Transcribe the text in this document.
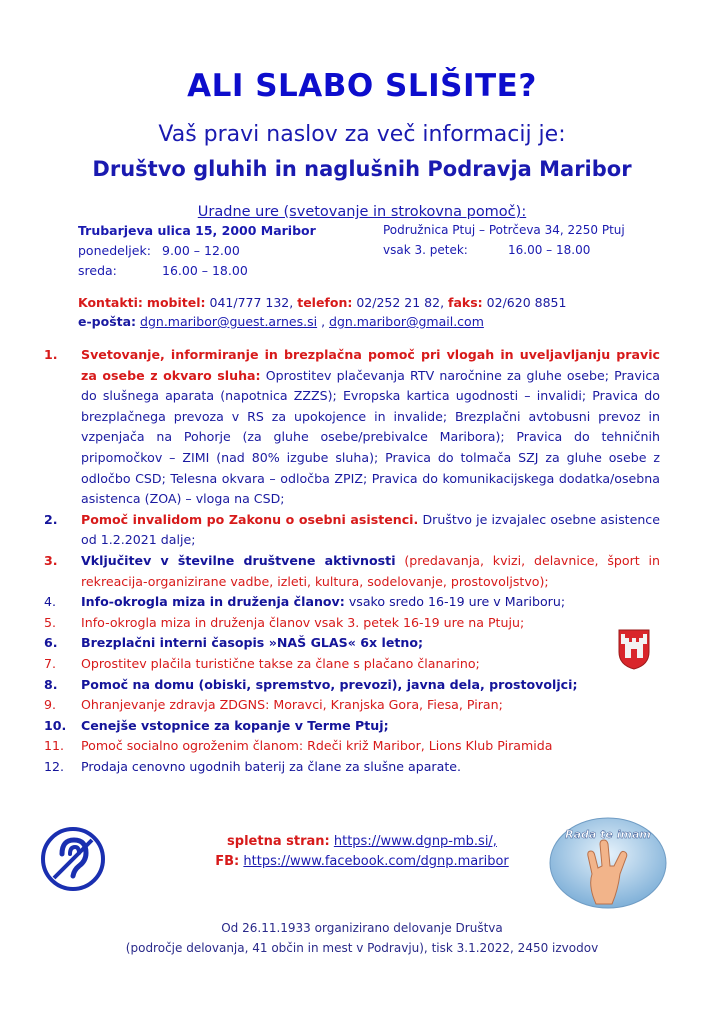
ALI SLABO SLIŠITE?
Vaš pravi naslov za več informacij je:
Društvo gluhih in naglušnih Podravja Maribor
Uradne ure (svetovanje in strokovna pomoč):
Trubarjeva ulica 15, 2000 Maribor
ponedeljek: 9.00 – 12.00
sreda:	16.00 – 18.00
Podružnica Ptuj – Potrčeva 34, 2250 Ptuj
vsak 3. petek:	16.00 – 18.00
Kontakti: mobitel: 041/777 132, telefon: 02/252 21 82, faks: 02/620 8851
e-pošta: dgn.maribor@guest.arnes.si , dgn.maribor@gmail.com
1. Svetovanje, informiranje in brezplačna pomoč pri vlogah in uveljavljanju pravic za osebe z okvaro sluha: Oprostitev plačevanja RTV naročnine za gluhe osebe; Pravica do slušnega aparata (napotnica ZZZS); Evropska kartica ugodnosti – invalidi; Pravica do brezplačnega prevoza v RS za upokojence in invalide; Brezplačni avtobusni prevoz in vzpenjača na Pohorje (za gluhe osebe/prebivalce Maribora); Pravica do tehničnih pripomočkov – ZIMI (nad 80% izgube sluha); Pravica do tolmača SZJ za gluhe osebe z odločbo CSD; Telesna okvara – odločba ZPIZ; Pravica do komunikacijskega dodatka/osebna asistenca (ZOA) – vloga na CSD;
2. Pomoč invalidom po Zakonu o osebni asistenci. Društvo je izvajalec osebne asistence od 1.2.2021 dalje;
3. Vključitev v številne društvene aktivnosti (predavanja, kvizi, delavnice, šport in rekreacija-organizirane vadbe, izleti, kultura, sodelovanje, prostovoljstvo);
4. Info-okrogla miza in druženja članov: vsako sredo 16-19 ure v Mariboru;
5. Info-okrogla miza in druženja članov vsak 3. petek 16-19 ure na Ptuju;
6. Brezplačni interni časopis »NAŠ GLAS« 6x letno;
7. Oprostitev plačila turistične takse za člane s plačano članarino;
8. Pomoč na domu (obiski, spremstvo, prevozi), javna dela, prostovoljci;
9. Ohranjevanje zdravja ZDGNS: Moravci, Kranjska Gora, Fiesa, Piran;
10. Cenejše vstopnice za kopanje v Terme Ptuj;
11. Pomoč socialno ogroženim članom: Rdeči križ Maribor, Lions Klub Piramida
12. Prodaja cenovno ugodnih baterij za člane za slušne aparate.
spletna stran: https://www.dgnp-mb.si/,
FB: https://www.facebook.com/dgnp.maribor
Rada te imam
Od 26.11.1933 organizirano delovanje Društva
(področje delovanja, 41 občin in mest v Podravju), tisk 3.1.2022, 2450 izvodov
